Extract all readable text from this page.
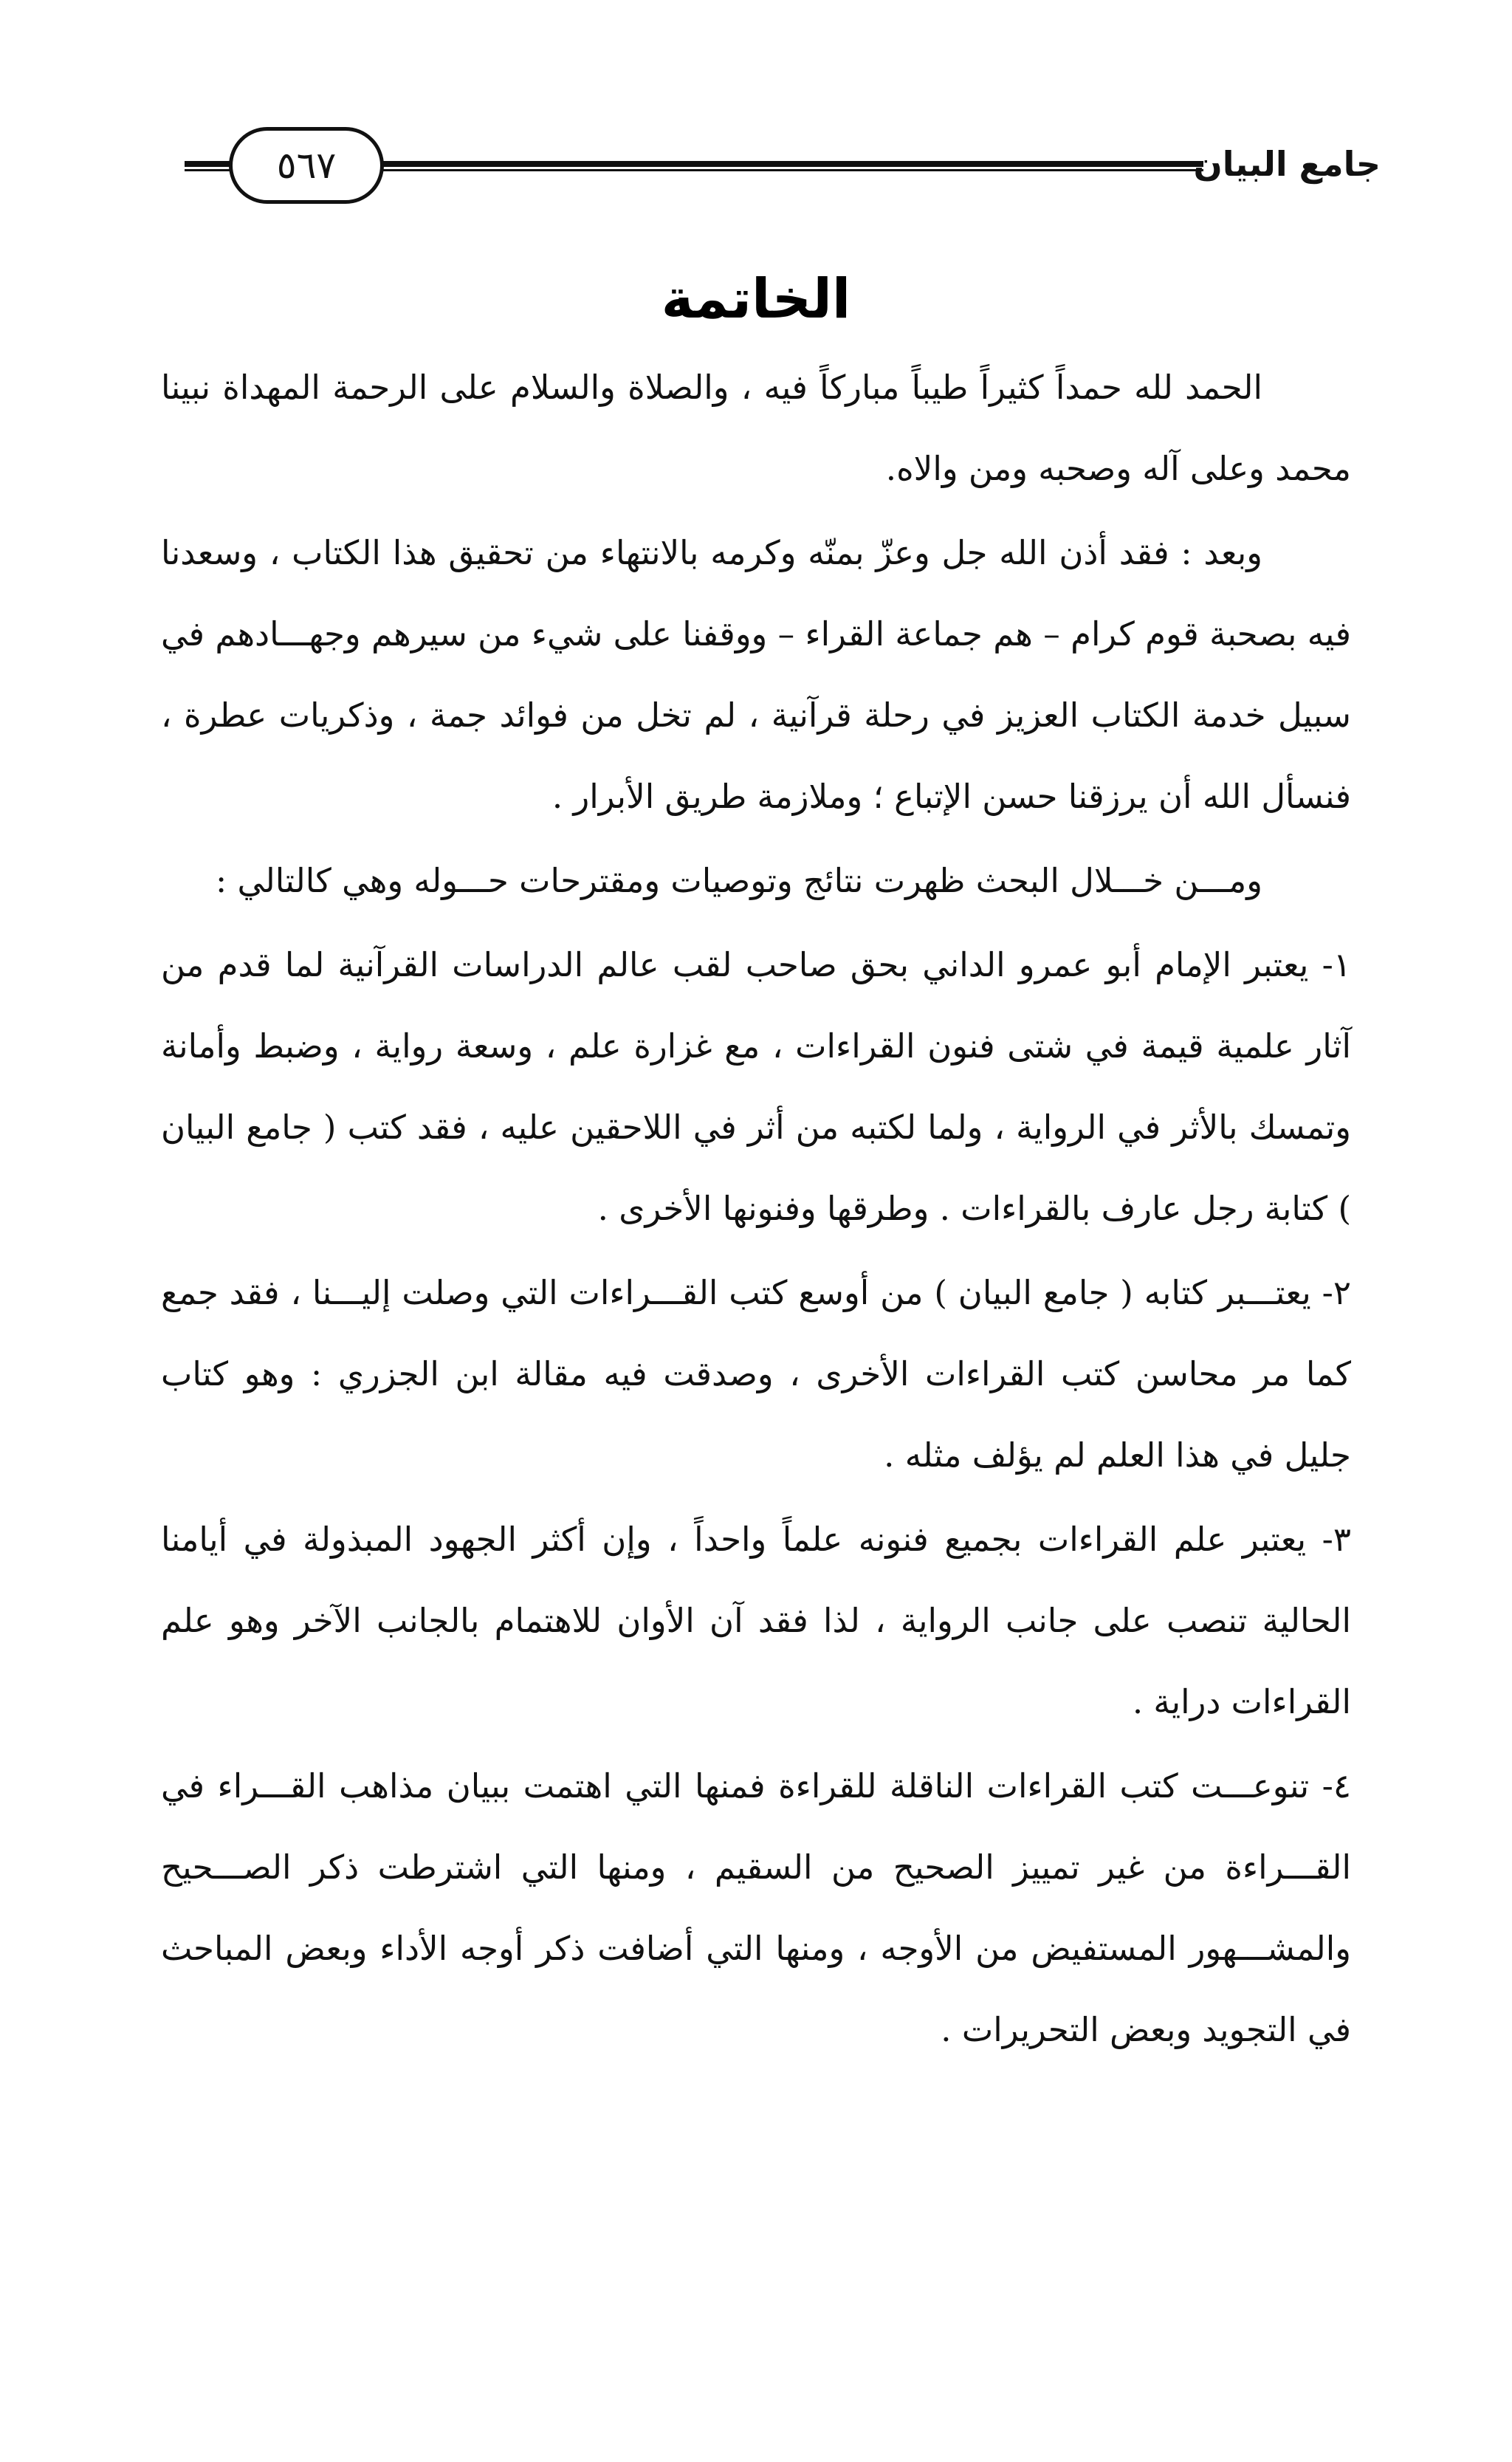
جامع البيان
٥٦٧
الخاتمة

الحمد لله حمداً كثيراً طيباً مباركاً فيه ، والصلاة والسلام على الرحمة المهداة نبينا محمد وعلى آله وصحبه ومن والاه.

وبعد : فقد أذن الله جل وعزّ بمنّه وكرمه بالانتهاء من تحقيق هذا الكتاب ، وسعدنا فيه بصحبة قوم كرام – هم جماعة القراء – ووقفنا على شيء من سيرهم وجهـــادهم في سبيل خدمة الكتاب العزيز في رحلة قرآنية ، لم تخل من فوائد جمة ، وذكريات عطرة ، فنسأل الله أن يرزقنا حسن الإتباع ؛ وملازمة طريق الأبرار .

ومـــن خـــلال البحث ظهرت نتائج وتوصيات ومقترحات حـــوله وهي كالتالي :

١- يعتبر الإمام أبو عمرو الداني بحق صاحب لقب عالم الدراسات القرآنية لما قدم من آثار علمية قيمة في شتى فنون القراءات ، مع غزارة علم ، وسعة رواية ، وضبط وأمانة وتمسك بالأثر في الرواية ، ولما لكتبه من أثر في اللاحقين عليه ، فقد كتب ( جامع البيان ) كتابة رجل عارف بالقراءات . وطرقها وفنونها الأخرى .

٢- يعتـــبر كتابه ( جامع البيان ) من أوسع كتب القـــراءات التي وصلت إليـــنا ، فقد جمع كما مر محاسن كتب القراءات الأخرى ، وصدقت فيه مقالة ابن الجزري : وهو كتاب جليل في هذا العلم لم يؤلف مثله .

٣- يعتبر علم القراءات بجميع فنونه علماً واحداً ، وإن أكثر الجهود المبذولة في أيامنا الحالية تنصب على جانب الرواية ، لذا فقد آن الأوان للاهتمام بالجانب الآخر وهو علم القراءات دراية .

٤- تنوعـــت كتب القراءات الناقلة للقراءة فمنها التي اهتمت ببيان مذاهب القـــراء في القـــراءة من غير تمييز الصحيح من السقيم ، ومنها التي اشترطت ذكر الصـــحيح والمشـــهور المستفيض من الأوجه ، ومنها التي أضافت ذكر أوجه الأداء وبعض المباحث في التجويد وبعض التحريرات .
